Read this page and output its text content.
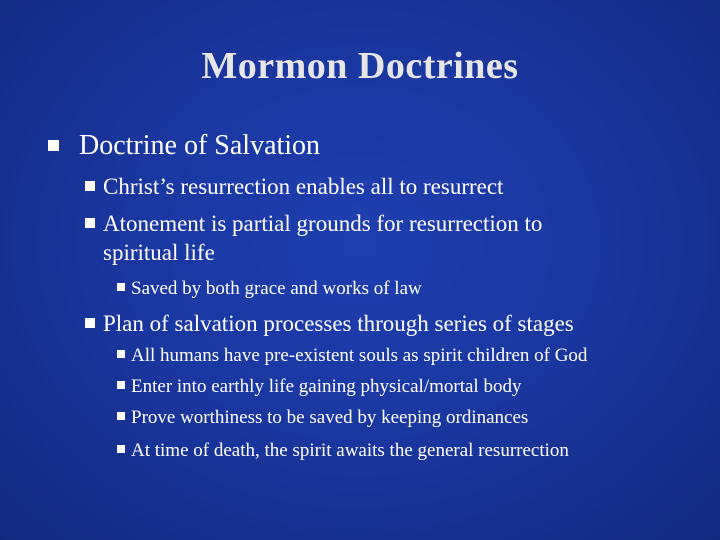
Mormon Doctrines
Doctrine of Salvation
Christ’s resurrection enables all to resurrect
Atonement is partial grounds for resurrection to
spiritual life
Saved by both grace and works of law
Plan of salvation processes through series of stages
All humans have pre-existent souls as spirit children of God
Enter into earthly life gaining physical/mortal body
Prove worthiness to be saved by keeping ordinances
At time of death, the spirit awaits the general resurrection
